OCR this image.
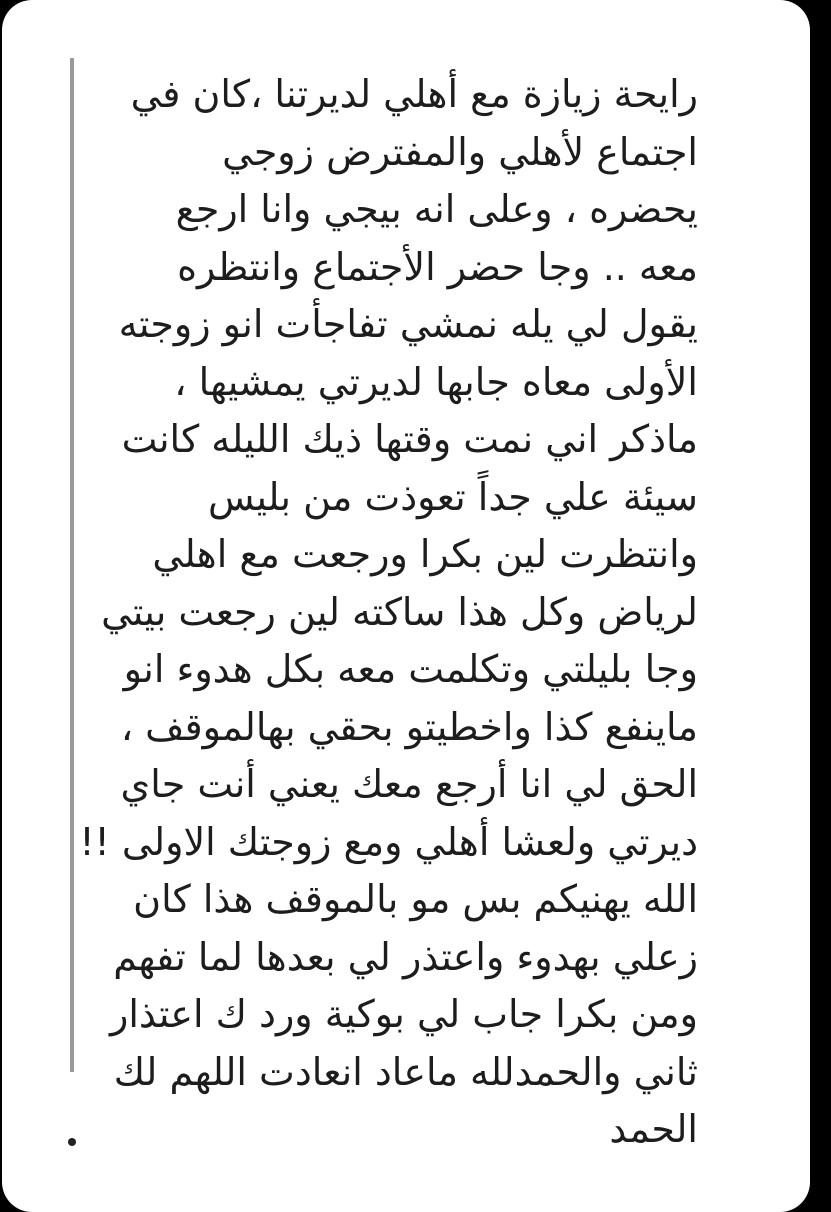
رايحة زيازة مع أهلي لديرتنا ،كان في
اجتماع لأهلي والمفترض زوجي
يحضره ، وعلى انه بيجي وانا ارجع
معه .. وجا حضر الأجتماع وانتظره
يقول لي يله نمشي تفاجأت انو زوجته
الأولى معاه جابها لديرتي يمشيها ،
ماذكر اني نمت وقتها ذيك الليله كانت
سيئة علي جداً تعوذت من بليس
وانتظرت لين بكرا ورجعت مع اهلي
لرياض وكل هذا ساكته لين رجعت بيتي
وجا بليلتي وتكلمت معه بكل هدوء انو
ماينفع كذا واخطيتو بحقي بهالموقف ،
الحق لي انا أرجع معك يعني أنت جاي
ديرتي ولعشا أهلي ومع زوجتك الاولى !!
الله يهنيكم بس مو بالموقف هذا كان
زعلي بهدوء واعتذر لي بعدها لما تفهم
ومن بكرا جاب لي بوكية ورد ك اعتذار
ثاني والحمدلله ماعاد انعادت اللهم لك
الحمد
